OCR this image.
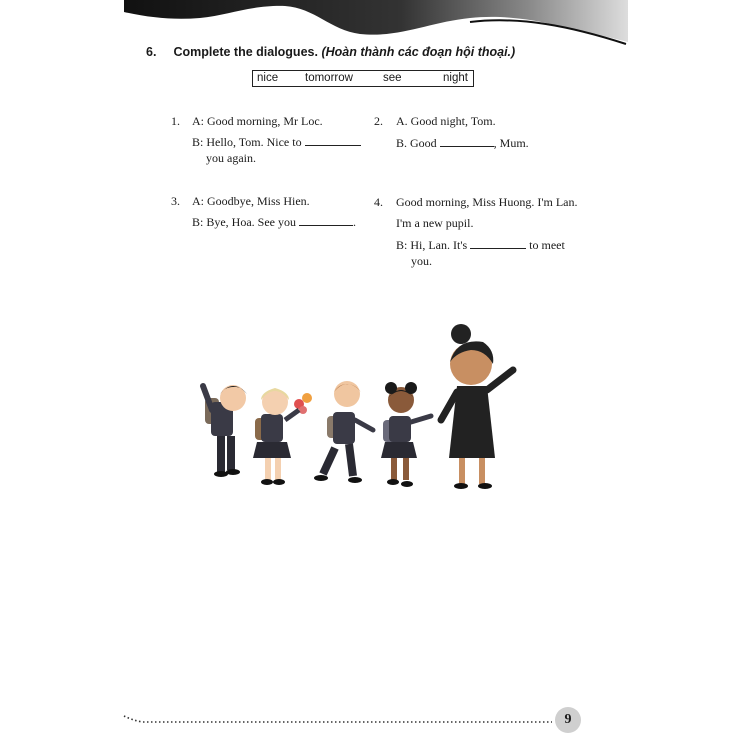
6. Complete the dialogues. (Hoàn thành các đoạn hội thoại.)
nice tomorrow	see	night
1. A: Good morning, Mr Loc.
B: Hello, Tom. Nice to
you again.
2. A. Good night, Tom.
B. Good	, Mum.
3. A: Goodbye, Miss Hien.
B: Bye, Hoa. See you	.
4. Good morning, Miss Huong. I'm Lan.
I'm a new pupil.
B: Hi, Lan. It's	to meet
you.
9
